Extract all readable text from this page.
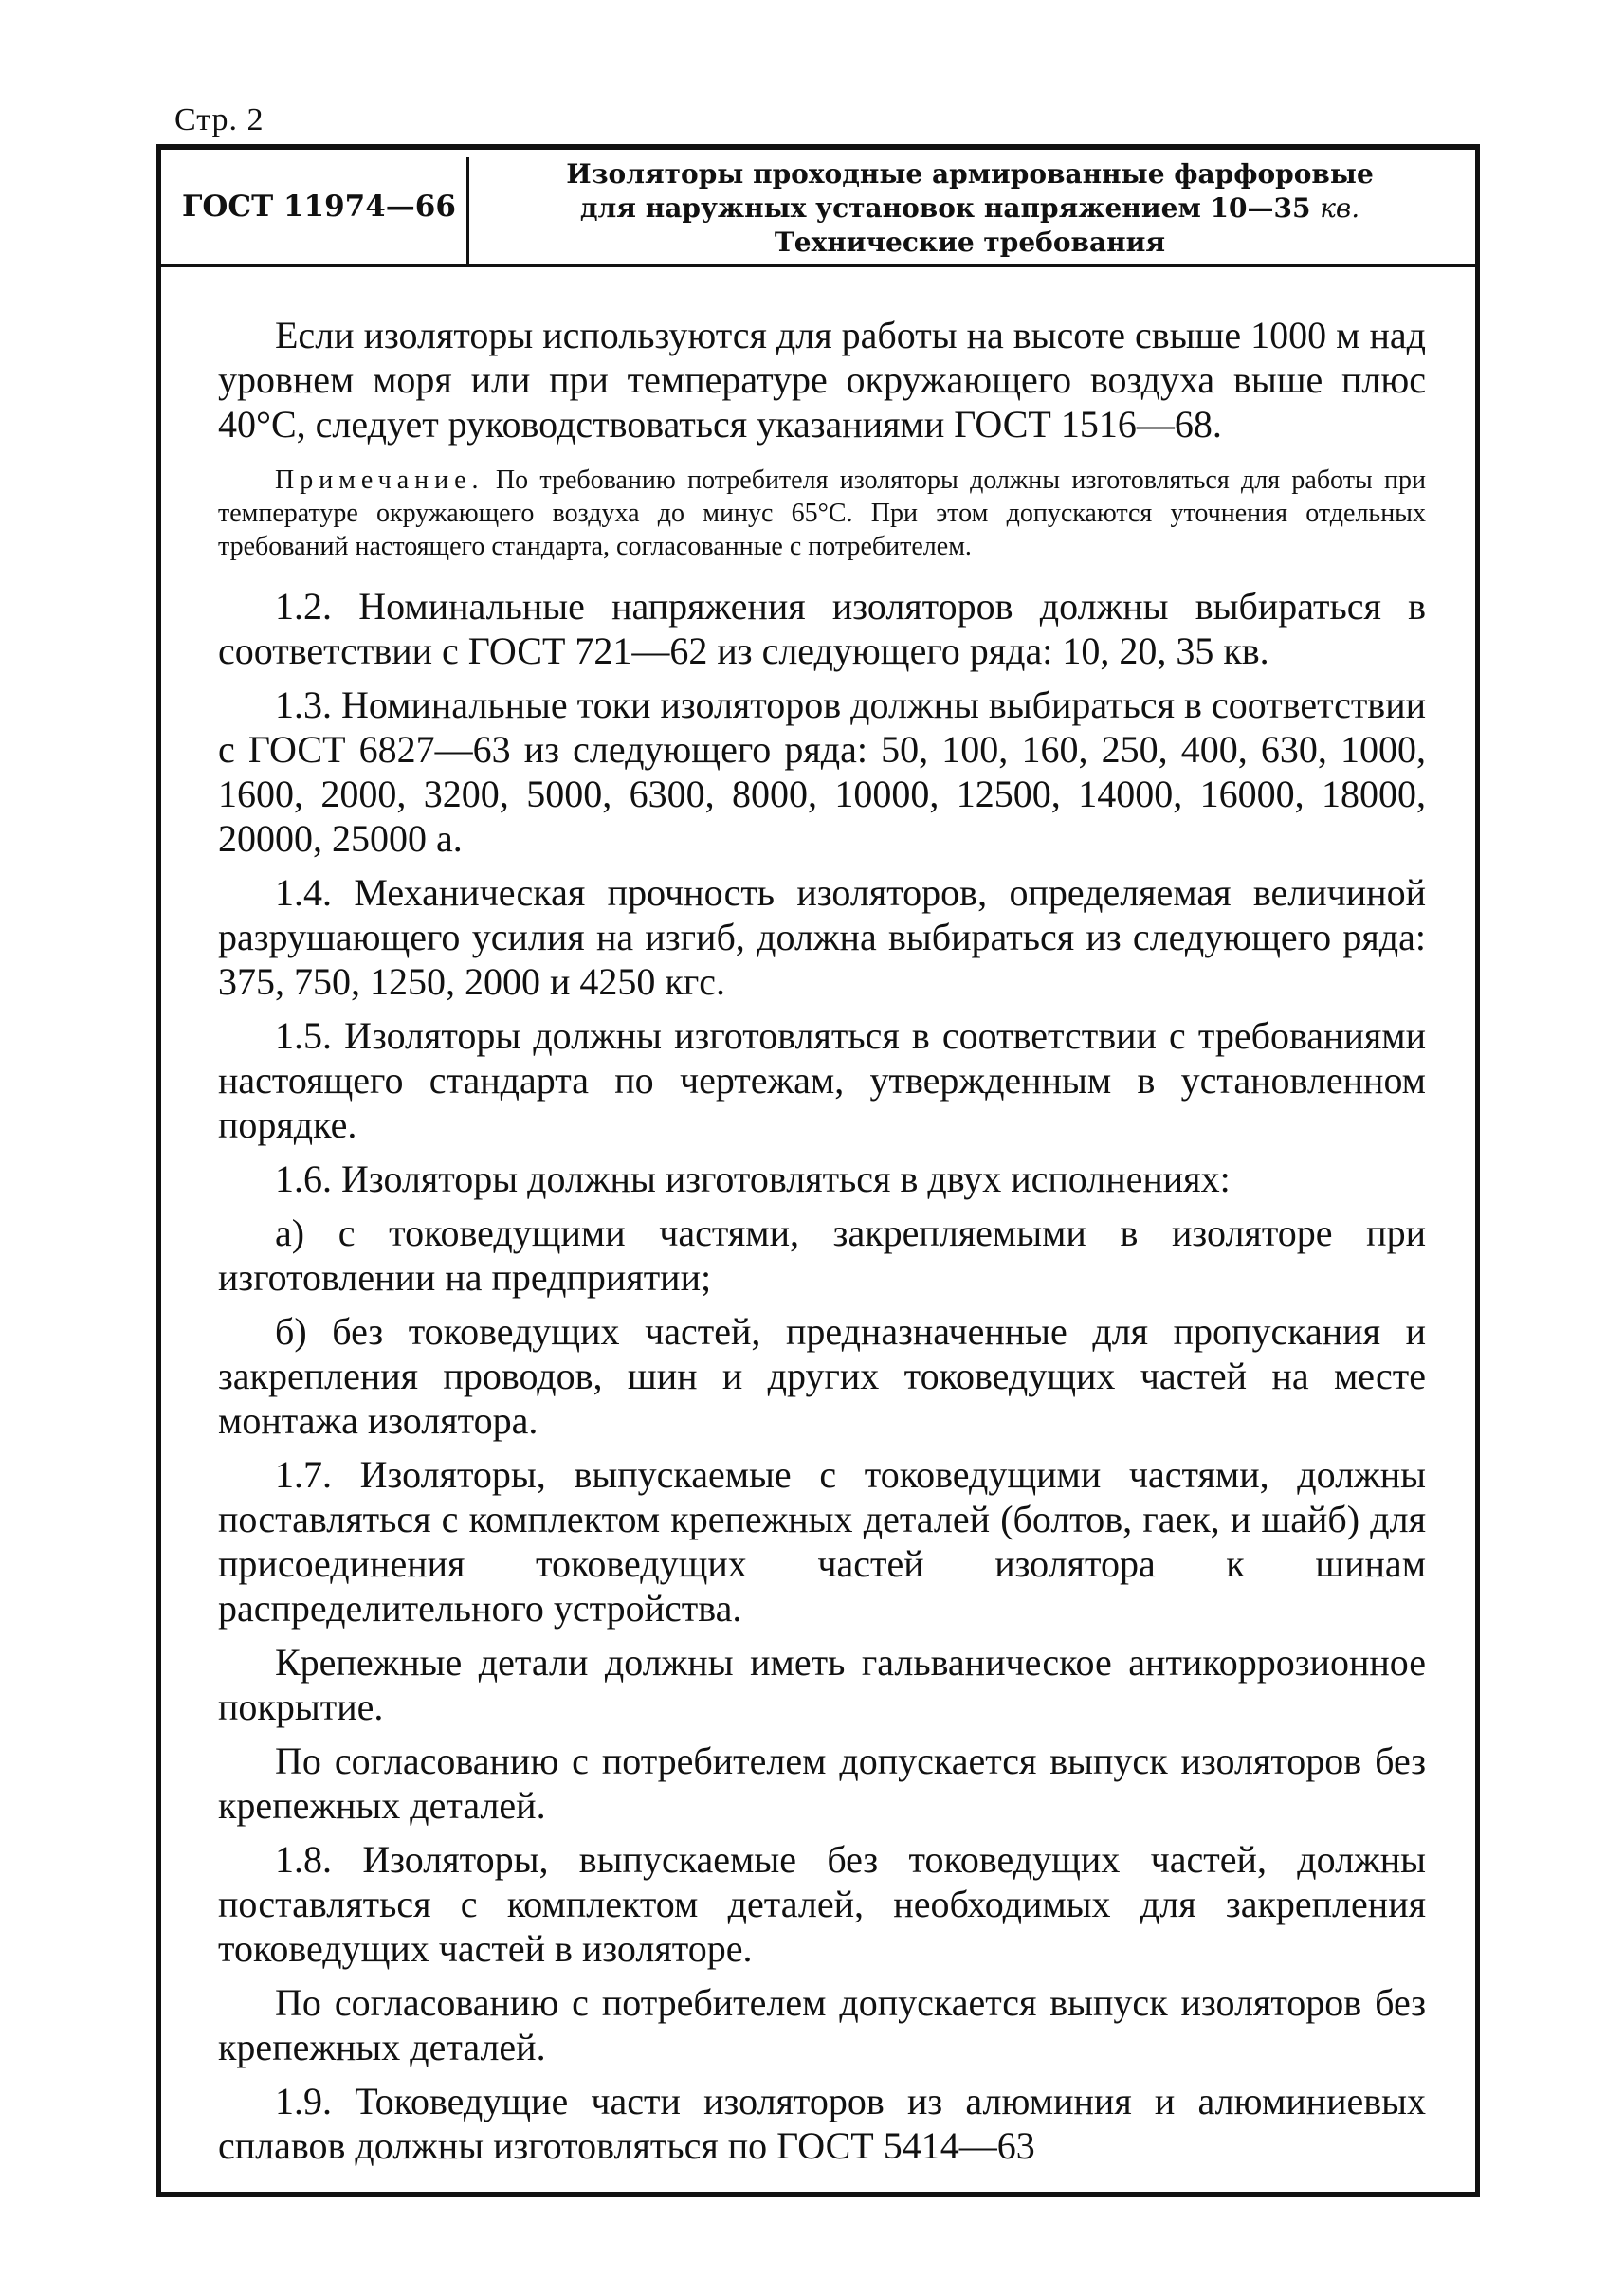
Стр. 2
ГОСТ 11974—66
Изоляторы проходные армированные фарфоровые
для наружных установок напряжением 10—35 кв.
Технические требования

Если изоляторы используются для работы на высоте свыше 1000 м над уровнем моря или при температуре окружающего воздуха выше плюс 40°С, следует руководствоваться указаниями ГОСТ 1516—68.

Примечание. По требованию потребителя изоляторы должны изготовляться для работы при температуре окружающего воздуха до минус 65°С. При этом допускаются уточнения отдельных требований настоящего стандарта, согласованные с потребителем.

1.2. Номинальные напряжения изоляторов должны выбираться в соответствии с ГОСТ 721—62 из следующего ряда: 10, 20, 35 кв.

1.3. Номинальные токи изоляторов должны выбираться в соответствии с ГОСТ 6827—63 из следующего ряда: 50, 100, 160, 250, 400, 630, 1000, 1600, 2000, 3200, 5000, 6300, 8000, 10000, 12500, 14000, 16000, 18000, 20000, 25000 а.

1.4. Механическая прочность изоляторов, определяемая величиной разрушающего усилия на изгиб, должна выбираться из следующего ряда: 375, 750, 1250, 2000 и 4250 кгс.

1.5. Изоляторы должны изготовляться в соответствии с требованиями настоящего стандарта по чертежам, утвержденным в установленном порядке.

1.6. Изоляторы должны изготовляться в двух исполнениях:

а) с токоведущими частями, закрепляемыми в изоляторе при изготовлении на предприятии;

б) без токоведущих частей, предназначенные для пропускания и закрепления проводов, шин и других токоведущих частей на месте монтажа изолятора.

1.7. Изоляторы, выпускаемые с токоведущими частями, должны поставляться с комплектом крепежных деталей (болтов, гаек, и шайб) для присоединения токоведущих частей изолятора к шинам распределительного устройства.

Крепежные детали должны иметь гальваническое антикоррозионное покрытие.

По согласованию с потребителем допускается выпуск изоляторов без крепежных деталей.

1.8. Изоляторы, выпускаемые без токоведущих частей, должны поставляться с комплектом деталей, необходимых для закрепления токоведущих частей в изоляторе.

По согласованию с потребителем допускается выпуск изоляторов без крепежных деталей.

1.9. Токоведущие части изоляторов из алюминия и алюминиевых сплавов должны изготовляться по ГОСТ 5414—63
